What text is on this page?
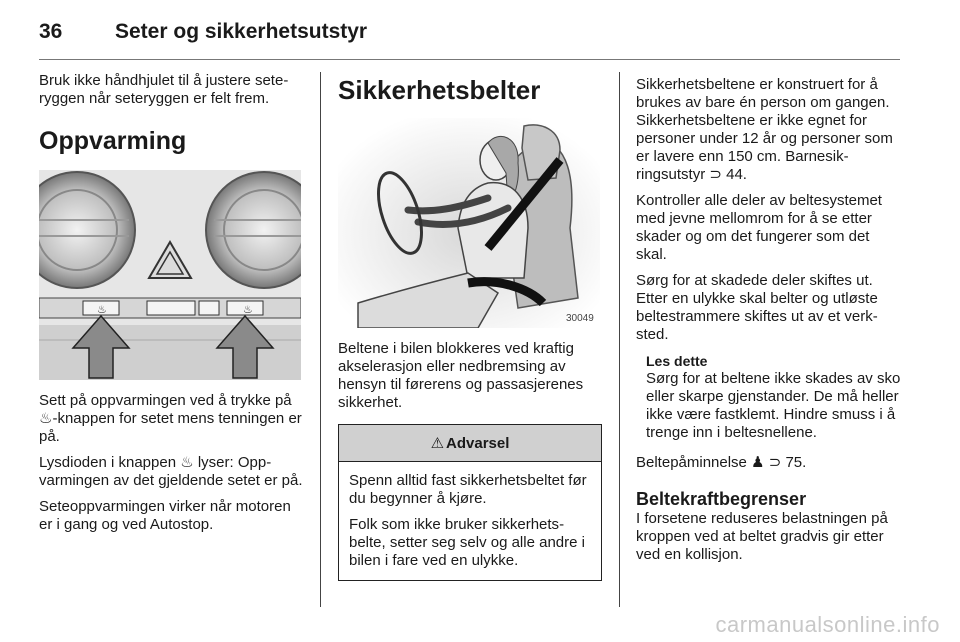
36	Seter og sikkerhetsutstyr

Bruk ikke håndhjulet til å justere seteryggen når seteryggen er felt frem.

Oppvarming
♨	♨

Sett på oppvarmingen ved å trykke på ♨-knappen for setet mens tenningen er på.

Lysdioden i knappen ♨ lyser: Oppvarmingen av det gjeldende setet er på.

Seteoppvarmingen virker når motoren er i gang og ved Autostop.

Sikkerhetsbelter
30049

Beltene i bilen blokkeres ved kraftig akselerasjon eller nedbremsing av hensyn til førerens og passasjerenes sikkerhet.

⚠ Advarsel

Spenn alltid fast sikkerhetsbeltet før du begynner å kjøre.

Folk som ikke bruker sikkerhetsbelte, setter seg selv og alle andre i bilen i fare ved en ulykke.

Sikkerhetsbeltene er konstruert for å brukes av bare én person om gangen. Sikkerhetsbeltene er ikke egnet for personer under 12 år og personer som er lavere enn 150 cm. Barnesikringsutstyr ⊃ 44.

Kontroller alle deler av beltesystemet med jevne mellomrom for å se etter skader og om det fungerer som det skal.

Sørg for at skadede deler skiftes ut. Etter en ulykke skal belter og utløste beltestrammere skiftes ut av et verksted.

Les dette

Sørg for at beltene ikke skades av sko eller skarpe gjenstander. De må heller ikke være fastklemt. Hindre smuss i å trenge inn i beltesnellene.

Beltepåminnelse ♟ ⊃ 75.

Beltekraftbegrenser

I forsetene reduseres belastningen på kroppen ved at beltet gradvis gir etter ved en kollisjon.

carmanualsonline.info
